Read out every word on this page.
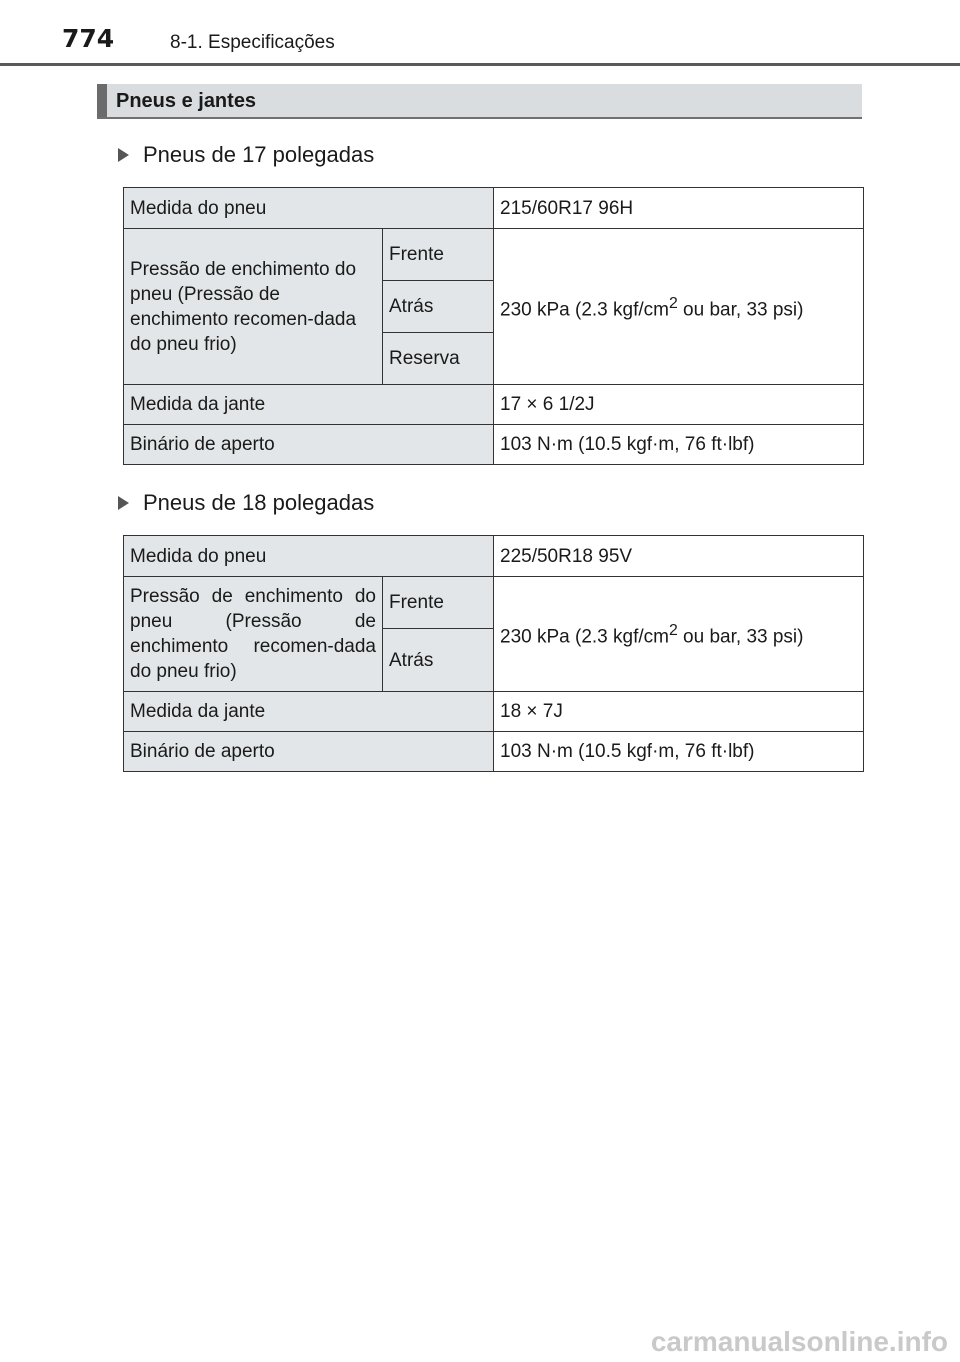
774	8-1. Especificações
Pneus e jantes
Pneus de 17 polegadas
Medida do pneu		215/60R17 96H
Pressão de enchimento do pneu (Pressão de enchimento recomen-dada do pneu frio)	Frente	230 kPa (2.3 kgf/$cm^2$ ou bar, 33 psi)
	Atrás	
	Reserva	
Medida da jante		17 × 6 1/2J
Binário de aperto		103 N·m (10.5 kgf·m, 76 ft·lbf)
Pneus de 18 polegadas
Medida do pneu		225/50R18 95V
Pressão de enchimento do pneu (Pressão de enchimento recomen-dada do pneu frio)	Frente	230 kPa (2.3 kgf/$cm^2$ ou bar, 33 psi)
	Atrás	
Medida da jante		18 × 7J
Binário de aperto		103 N·m (10.5 kgf·m, 76 ft·lbf)
carmanualsonline.info
